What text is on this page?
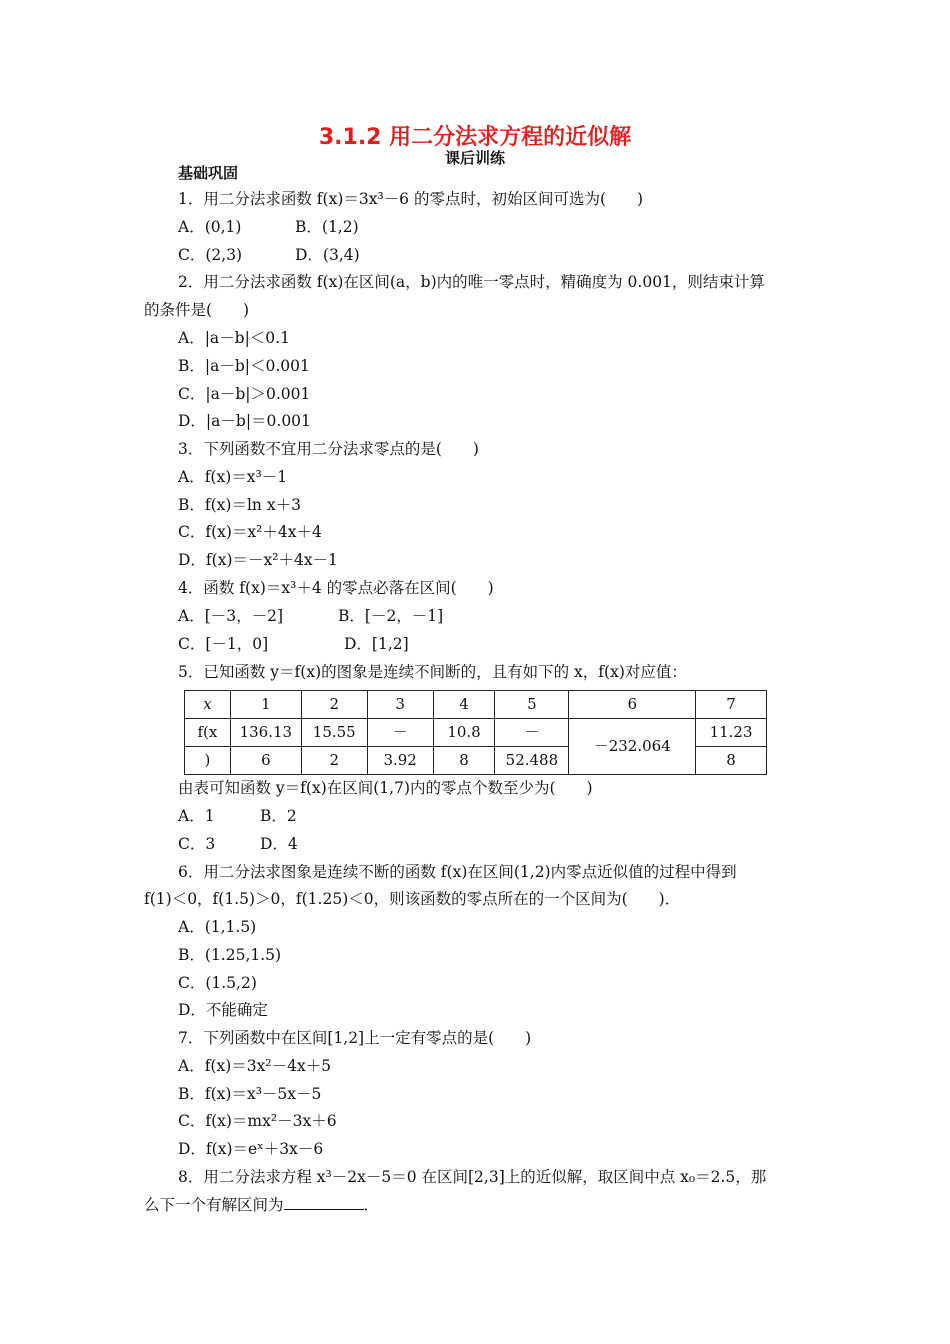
3.1.2 用二分法求方程的近似解
课后训练
基础巩固
1．用二分法求函数 f(x)＝3x³－6 的零点时，初始区间可选为(　　)
A．(0,1)	B．(1,2)
C．(2,3)	D．(3,4)
2．用二分法求函数 f(x)在区间(a，b)内的唯一零点时，精确度为 0.001，则结束计算
的条件是(　　)
A．|a－b|＜0.1
B．|a－b|＜0.001
C．|a－b|＞0.001
D．|a－b|＝0.001
3．下列函数不宜用二分法求零点的是(　　)
A．f(x)＝x³－1
B．f(x)＝ln x＋3
C．f(x)＝x²＋4x＋4
D．f(x)＝－x²＋4x－1
4．函数 f(x)＝x³＋4 的零点必落在区间(　　)
A．[－3，－2]	B．[－2，－1]
C．[－1，0]	D．[1,2]
5．已知函数 y＝f(x)的图象是连续不间断的，且有如下的 x，f(x)对应值：
x	1	2	3	4	5	6	7
f(x	136.13	15.55	－	10.8	－	－232.064	11.23
)	6	2	3.92	8	52.488		8
由表可知函数 y＝f(x)在区间(1,7)内的零点个数至少为(　　)
A．1	B．2
C．3	D．4
6．用二分法求图象是连续不断的函数 f(x)在区间(1,2)内零点近似值的过程中得到
f(1)＜0，f(1.5)＞0，f(1.25)＜0，则该函数的零点所在的一个区间为(　　)．
A．(1,1.5)
B．(1.25,1.5)
C．(1.5,2)
D．不能确定
7．下列函数中在区间[1,2]上一定有零点的是(　　)
A．f(x)＝3x²－4x＋5
B．f(x)＝x³－5x－5
C．f(x)＝mx²－3x＋6
D．f(x)＝eˣ＋3x－6
8．用二分法求方程 x³－2x－5＝0 在区间[2,3]上的近似解，取区间中点 x₀＝2.5，那
么下一个有解区间为	．
